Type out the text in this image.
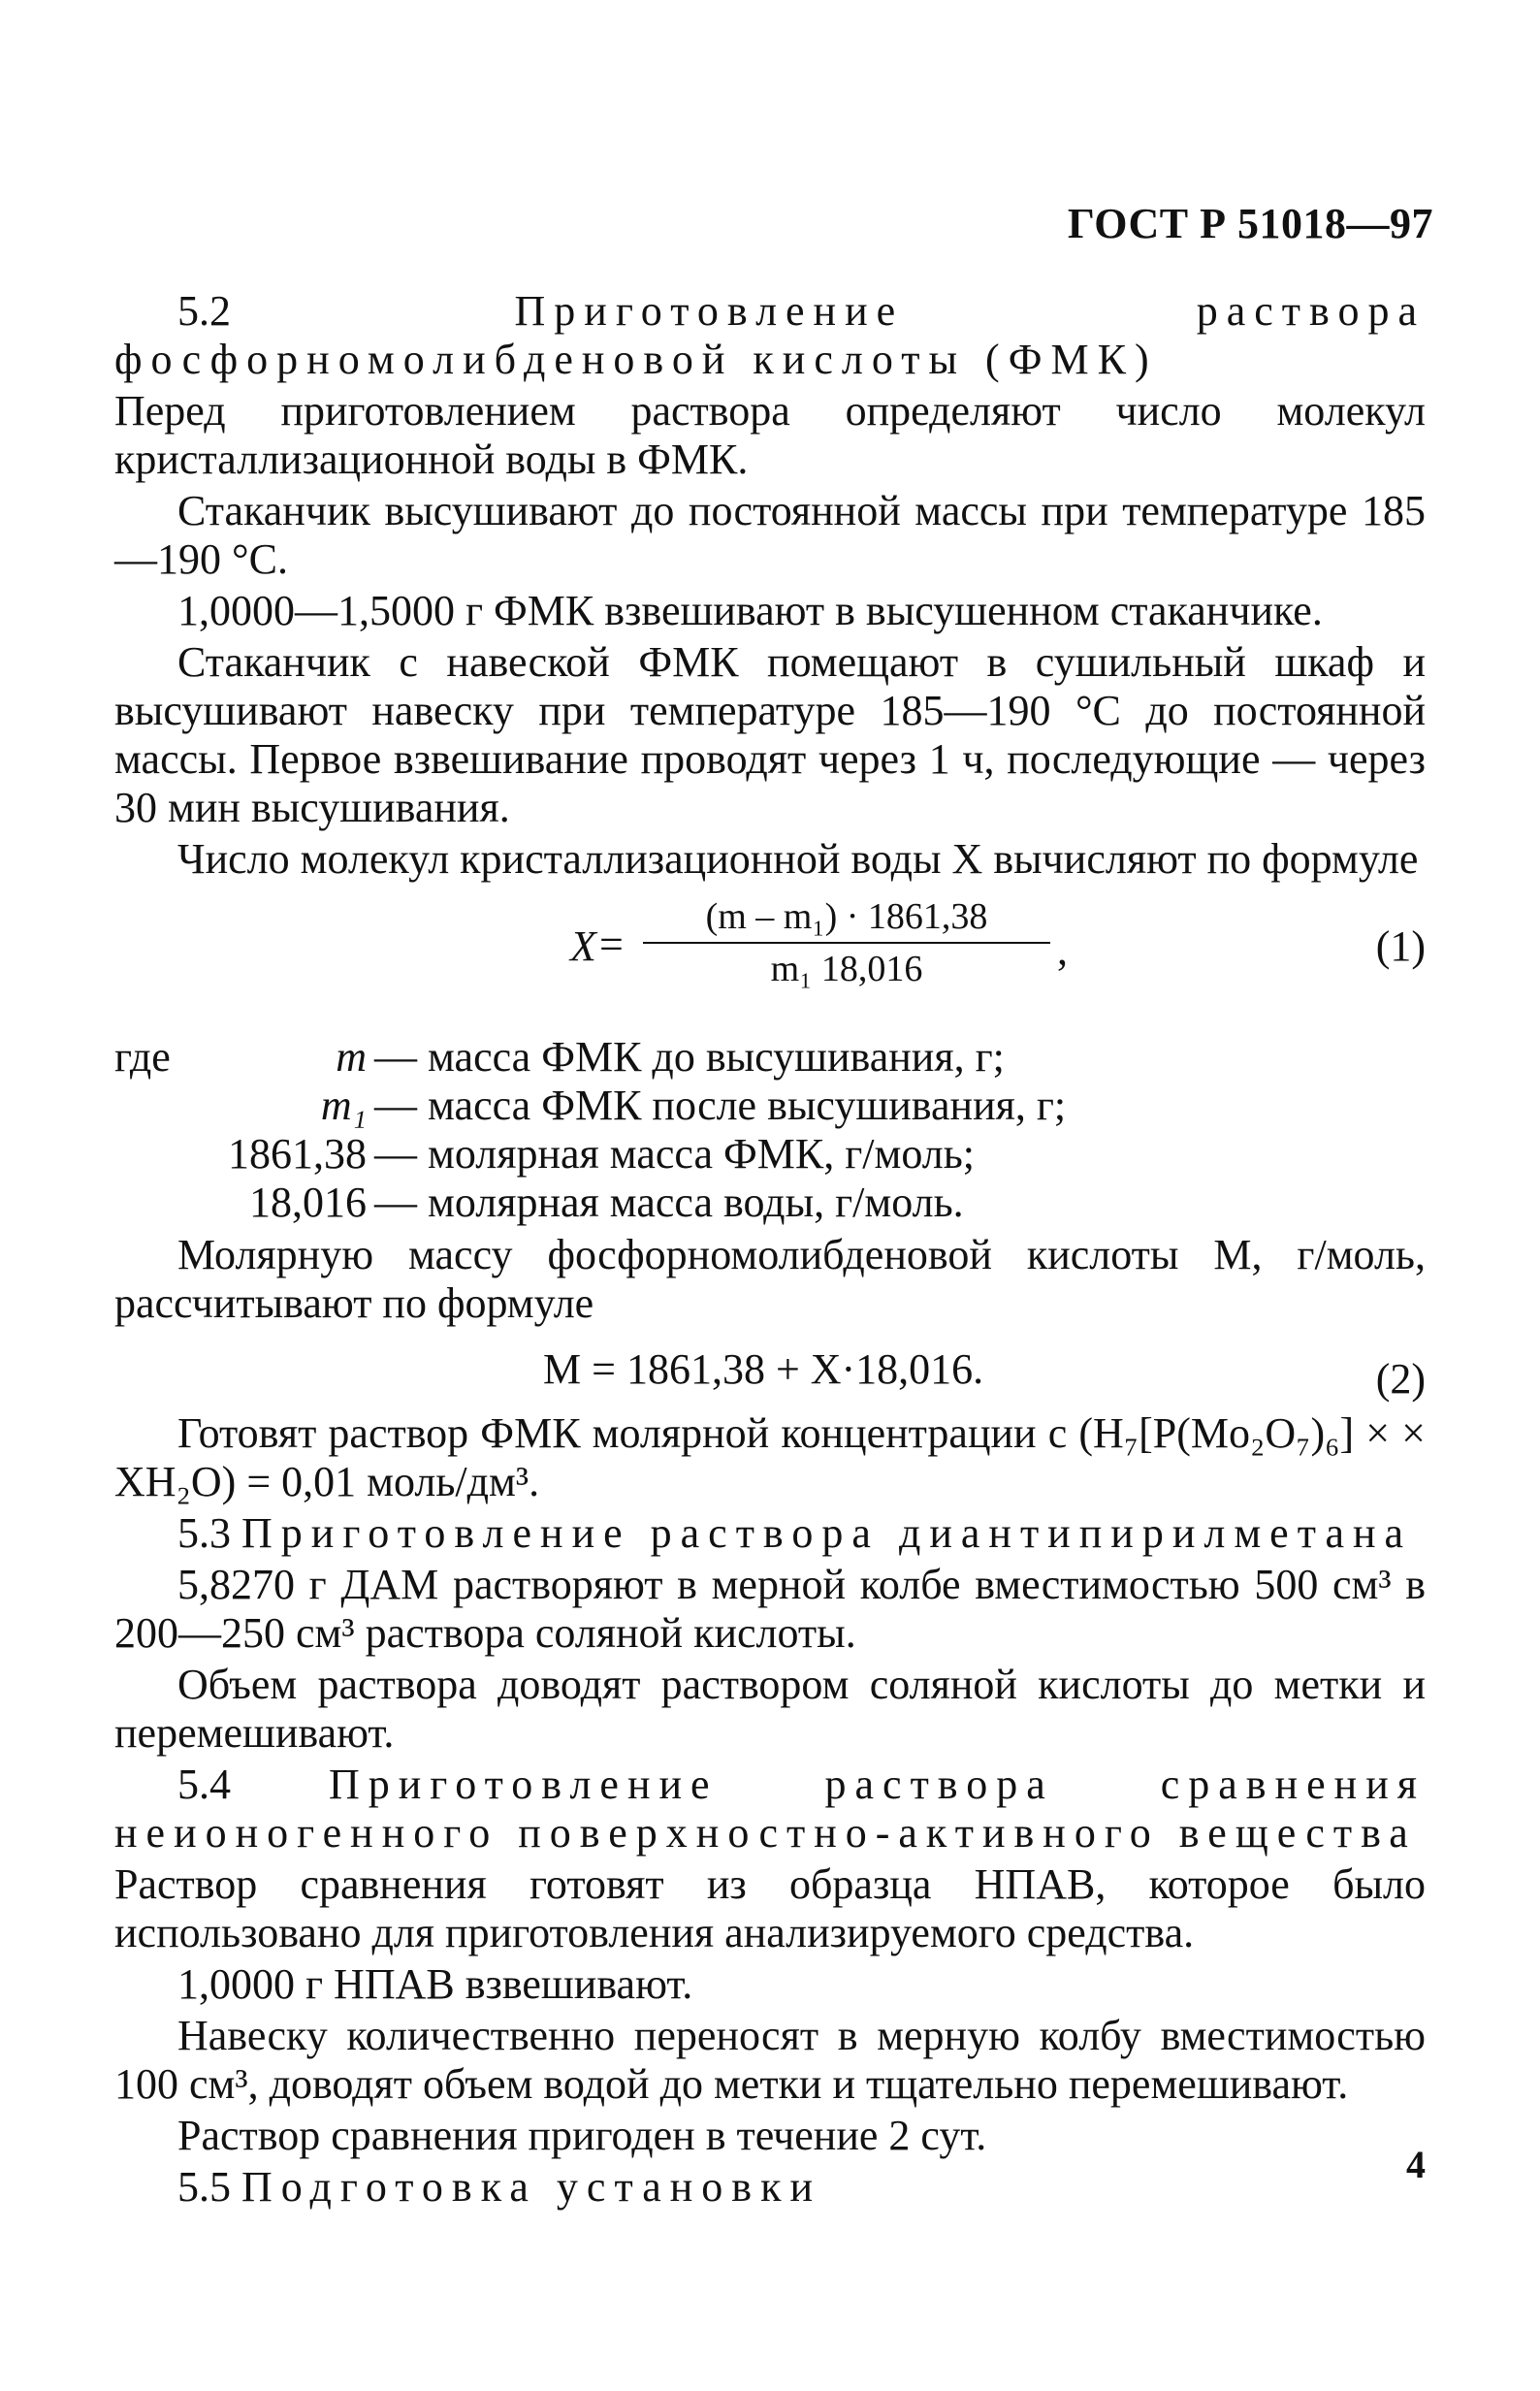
ГОСТ Р 51018—97

5.2	Приготовление раствора фосфорномолибденовой кислоты (ФМК)

Перед приготовлением раствора определяют число молекул кристаллизационной воды в ФМК.

Стаканчик высушивают до постоянной массы при температуре 185—190 °С.

1,0000—1,5000 г ФМК взвешивают в высушенном стаканчике.

Стаканчик с навеской ФМК помещают в сушильный шкаф и высушивают навеску при температуре 185—190 °С до постоянной массы. Первое взвешивание проводят через 1 ч, последующие — через 30 мин высушивания.

Число молекул кристаллизационной воды X вычисляют по формуле

X =
(m – m₁) · 1861,38
m₁ 18,016	,	(1)
где	m — масса ФМК до высушивания, г;
m₁ — масса ФМК после высушивания, г;
1861,38 — молярная масса ФМК, г/моль;
18,016 — молярная масса воды, г/моль.

Молярную массу фосфорномолибденовой кислоты M, г/моль, рассчитывают по формуле

M = 1861,38 + X·18,016.	(2)

Готовят раствор ФМК молярной концентрации c (H₇[P(Mo₂O₇)₆] × × XH₂O) = 0,01 моль/дм³.

5.3 Приготовление раствора диантипирилметана

5,8270 г ДАМ растворяют в мерной колбе вместимостью 500 см³ в 200—250 см³ раствора соляной кислоты.

Объем раствора доводят раствором соляной кислоты до метки и перемешивают.

5.4 Приготовление раствора сравнения неионогенного поверхностно-активного вещества

Раствор сравнения готовят из образца НПАВ, которое было использовано для приготовления анализируемого средства.

1,0000 г НПАВ взвешивают.

Навеску количественно переносят в мерную колбу вместимостью 100 см³, доводят объем водой до метки и тщательно перемешивают.

Раствор сравнения пригоден в течение 2 сут.

5.5 Подготовка установки	4
